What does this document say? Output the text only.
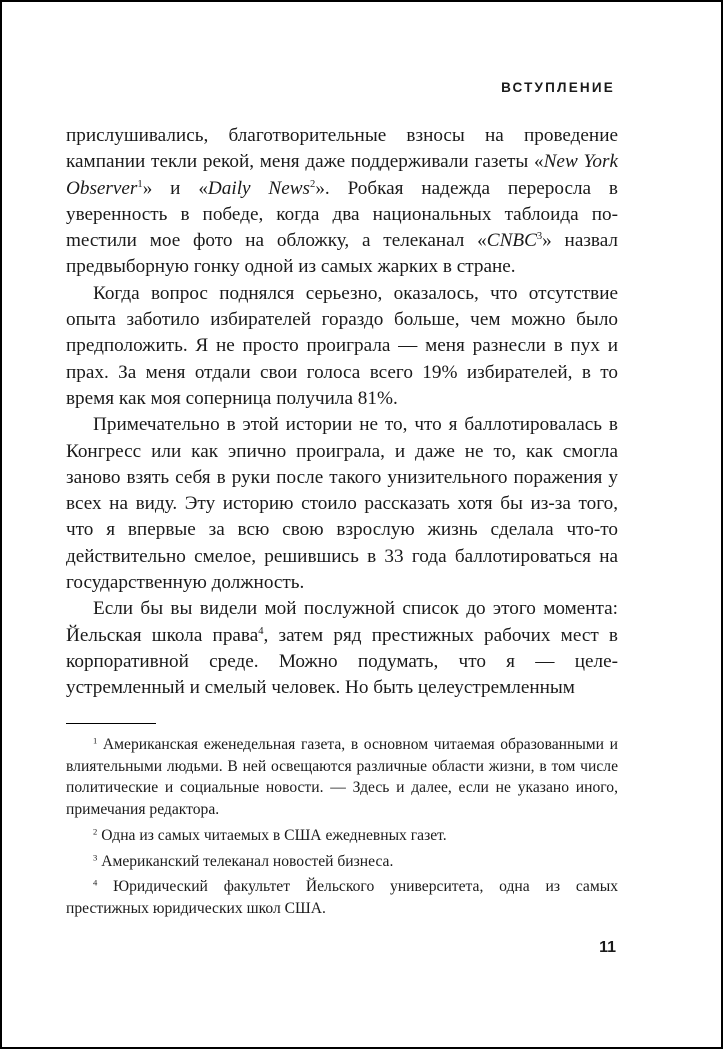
ВСТУПЛЕНИЕ

прислушивались, благотворительные взносы на проведение кампании текли рекой, меня даже поддерживали газеты «New York Observer$^1$» и «Daily News$^2$». Робкая надежда переросла в уверенность в победе, когда два национальных таблоида поmестили мое фото на обложку, а телеканал «CNBC$^3$» назвал предвыборную гонку одной из самых жарких в стране.

Когда вопрос поднялся серьезно, оказалось, что отсутствие опыта заботило избирателей гораздо больше, чем можно было предположить. Я не просто проиграла — меня разнесли в пух и прах. За меня отдали свои голоса всего 19% избирателей, в то время как моя соперница получила 81%.

Примечательно в этой истории не то, что я баллотировалась в Конгресс или как эпично проиграла, и даже не то, как смогла заново взять себя в руки после такого унизительного поражения у всех на виду. Эту историю стоило рассказать хотя бы из-за того, что я впервые за всю свою взрослую жизнь сделала что-то действительно смелое, решившись в 33 года баллотироваться на государственную должность.

Если бы вы видели мой послужной список до этого момента: Йельская школа права$^4$, затем ряд престижных рабочих мест в корпоративной среде. Можно подумать, что я — целеустремленный и смелый человек. Но быть целеустремленным

$^1$ Американская еженедельная газета, в основном читаемая образованными и влиятельными людьми. В ней освещаются различные области жизни, в том числе политические и социальные новости. — Здесь и далее, если не указано иного, примечания редактора.

$^2$ Одна из самых читаемых в США ежедневных газет.

$^3$ Американский телеканал новостей бизнеса.

$^4$ Юридический факультет Йельского университета, одна из самых престижных юридических школ США.

11
